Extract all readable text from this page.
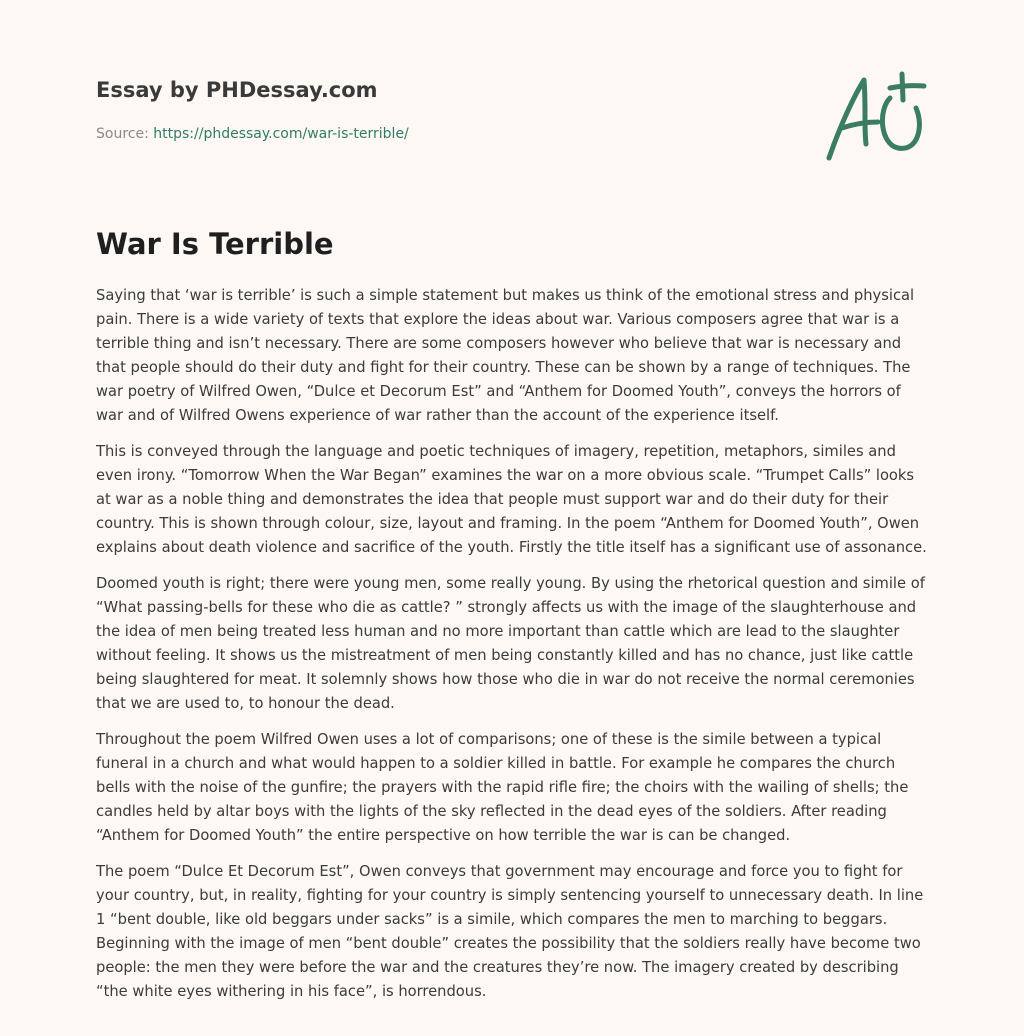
Essay by PHDessay.com
Source: https://phdessay.com/war-is-terrible/
War Is Terrible

Saying that ‘war is terrible’ is such a simple statement but makes us think of the emotional stress and physical pain. There is a wide variety of texts that explore the ideas about war. Various composers agree that war is a terrible thing and isn’t necessary. There are some composers however who believe that war is necessary and that people should do their duty and fight for their country. These can be shown by a range of techniques. The war poetry of Wilfred Owen, “Dulce et Decorum Est” and “Anthem for Doomed Youth”, conveys the horrors of war and of Wilfred Owens experience of war rather than the account of the experience itself.

This is conveyed through the language and poetic techniques of imagery, repetition, metaphors, similes and even irony. “Tomorrow When the War Began” examines the war on a more obvious scale. “Trumpet Calls” looks at war as a noble thing and demonstrates the idea that people must support war and do their duty for their country. This is shown through colour, size, layout and framing. In the poem “Anthem for Doomed Youth”, Owen explains about death violence and sacrifice of the youth. Firstly the title itself has a significant use of assonance.

Doomed youth is right; there were young men, some really young. By using the rhetorical question and simile of “What passing-bells for these who die as cattle? ” strongly affects us with the image of the slaughterhouse and the idea of men being treated less human and no more important than cattle which are lead to the slaughter without feeling. It shows us the mistreatment of men being constantly killed and has no chance, just like cattle being slaughtered for meat. It solemnly shows how those who die in war do not receive the normal ceremonies that we are used to, to honour the dead.

Throughout the poem Wilfred Owen uses a lot of comparisons; one of these is the simile between a typical funeral in a church and what would happen to a soldier killed in battle. For example he compares the church bells with the noise of the gunfire; the prayers with the rapid rifle fire; the choirs with the wailing of shells; the candles held by altar boys with the lights of the sky reflected in the dead eyes of the soldiers. After reading “Anthem for Doomed Youth” the entire perspective on how terrible the war is can be changed.

The poem “Dulce Et Decorum Est”, Owen conveys that government may encourage and force you to fight for your country, but, in reality, fighting for your country is simply sentencing yourself to unnecessary death. In line 1 “bent double, like old beggars under sacks” is a simile, which compares the men to marching to beggars. Beginning with the image of men “bent double” creates the possibility that the soldiers really have become two people: the men they were before the war and the creatures they’re now. The imagery created by describing “the white eyes withering in his face”, is horrendous.
